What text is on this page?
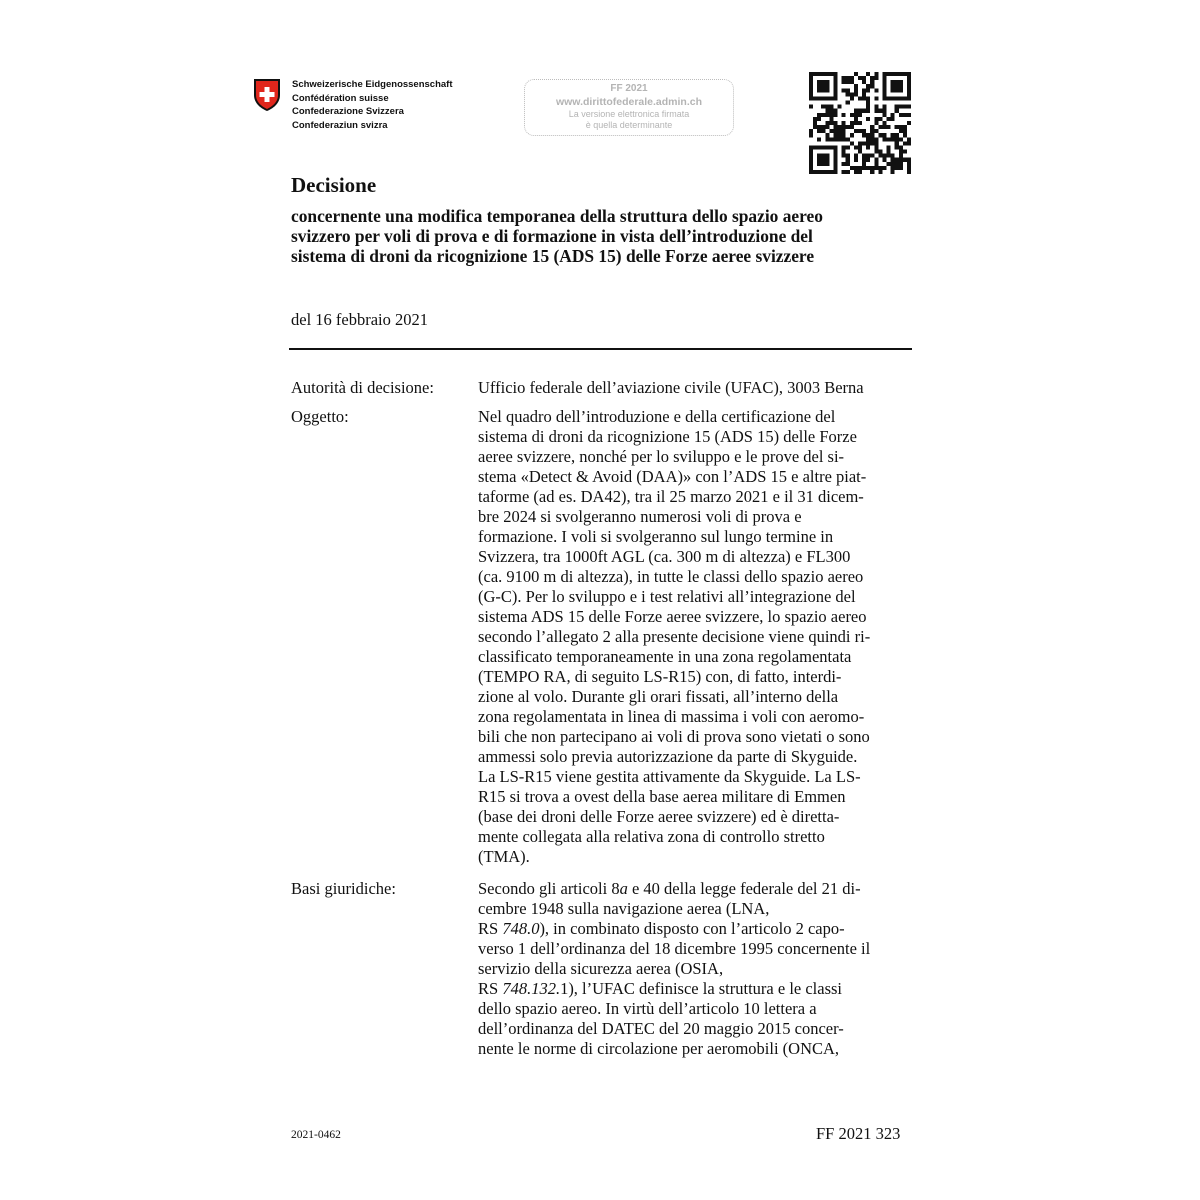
Schweizerische Eidgenossenschaft
Confédération suisse
Confederazione Svizzera
Confederaziun svizra
FF 2021
www.dirittofederale.admin.ch
La versione elettronica firmata
è quella determinante
Decisione
concernente una modifica temporanea della struttura dello spazio aereo
svizzero per voli di prova e di formazione in vista dell’introduzione del
sistema di droni da ricognizione 15 (ADS 15) delle Forze aeree svizzere
del 16 febbraio 2021
Autorità di decisione:	Ufficio federale dell’aviazione civile (UFAC), 3003 Berna
Oggetto:	Nel quadro dell’introduzione e della certificazione del
sistema di droni da ricognizione 15 (ADS 15) delle Forze
aeree svizzere, nonché per lo sviluppo e le prove del si-
stema «Detect & Avoid (DAA)» con l’ADS 15 e altre piat-
taforme (ad es. DA42), tra il 25 marzo 2021 e il 31 dicem-
bre 2024 si svolgeranno numerosi voli di prova e
formazione. I voli si svolgeranno sul lungo termine in
Svizzera, tra 1000ft AGL (ca. 300 m di altezza) e FL300
(ca. 9100 m di altezza), in tutte le classi dello spazio aereo
(G-C). Per lo sviluppo e i test relativi all’integrazione del
sistema ADS 15 delle Forze aeree svizzere, lo spazio aereo
secondo l’allegato 2 alla presente decisione viene quindi ri-
classificato temporaneamente in una zona regolamentata
(TEMPO RA, di seguito LS-R15) con, di fatto, interdi-
zione al volo. Durante gli orari fissati, all’interno della
zona regolamentata in linea di massima i voli con aeromo-
bili che non partecipano ai voli di prova sono vietati o sono
ammessi solo previa autorizzazione da parte di Skyguide.
La LS-R15 viene gestita attivamente da Skyguide. La LS-
R15 si trova a ovest della base aerea militare di Emmen
(base dei droni delle Forze aeree svizzere) ed è diretta-
mente collegata alla relativa zona di controllo stretto
(TMA).
Basi giuridiche:	Secondo gli articoli 8a e 40 della legge federale del 21 di-
cembre 1948 sulla navigazione aerea (LNA,
RS 748.0), in combinato disposto con l’articolo 2 capo-
verso 1 dell’ordinanza del 18 dicembre 1995 concernente il
servizio della sicurezza aerea (OSIA,
RS 748.132.1), l’UFAC definisce la struttura e le classi
dello spazio aereo. In virtù dell’articolo 10 lettera a
dell’ordinanza del DATEC del 20 maggio 2015 concer-
nente le norme di circolazione per aeromobili (ONCA,
2021-0462	FF 2021 323
